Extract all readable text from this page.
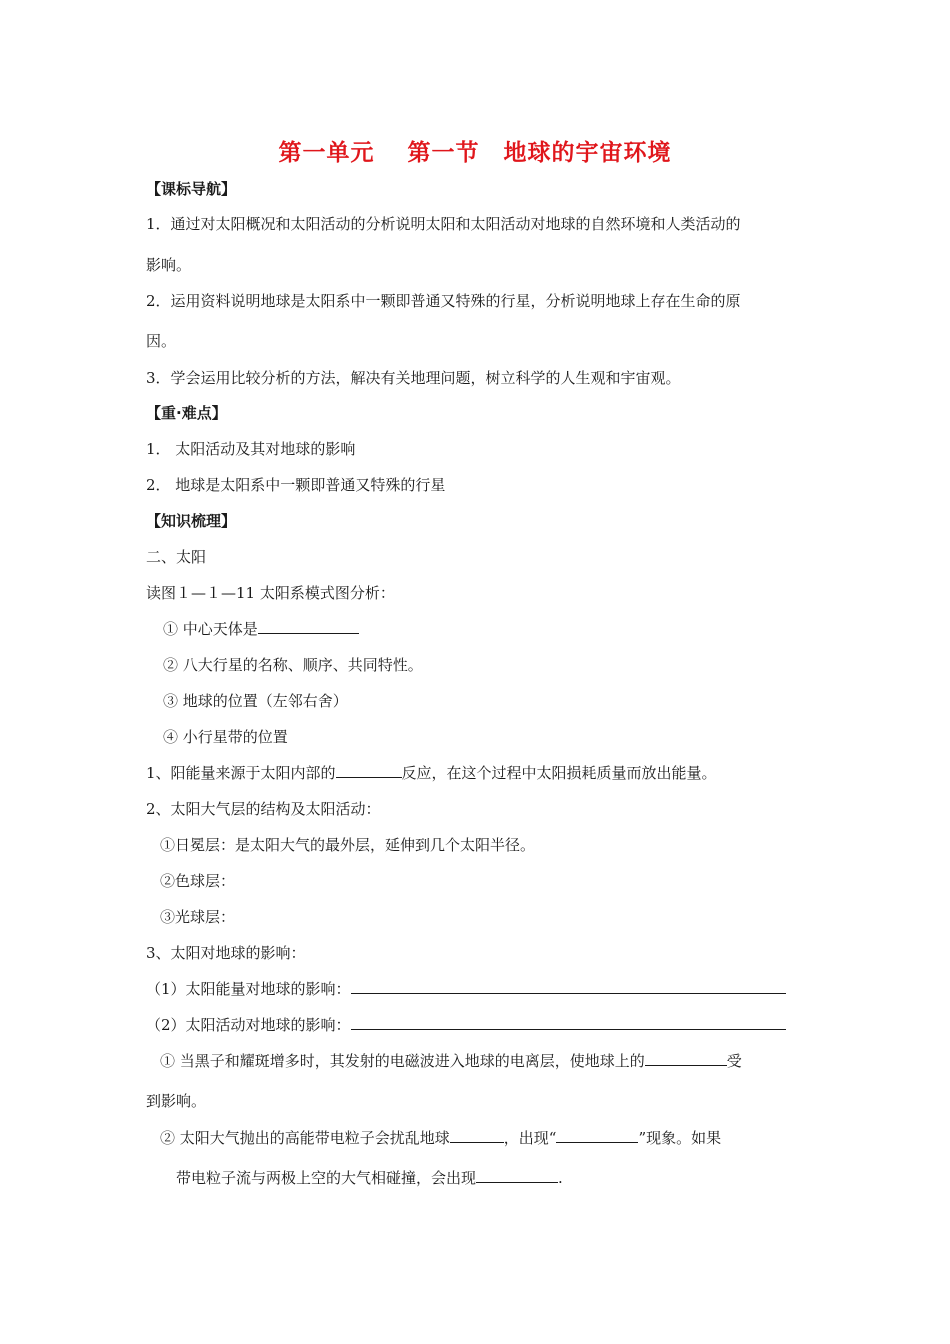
第一单元　 第一节　地球的宇宙环境
【课标导航】
1．通过对太阳概况和太阳活动的分析说明太阳和太阳活动对地球的自然环境和人类活动的
影响。
2．运用资料说明地球是太阳系中一颗即普通又特殊的行星，分析说明地球上存在生命的原
因。
3．学会运用比较分析的方法，解决有关地理问题，树立科学的人生观和宇宙观。
【重·难点】
1． 太阳活动及其对地球的影响
2． 地球是太阳系中一颗即普通又特殊的行星
【知识梳理】
二、太阳
读图１—１—11 太阳系模式图分析：
① 中心天体是
② 八大行星的名称、顺序、共同特性。
③ 地球的位置（左邻右舍）
④ 小行星带的位置
1、阳能量来源于太阳内部的	反应，在这个过程中太阳损耗质量而放出能量。
2、太阳大气层的结构及太阳活动：
①日冕层：是太阳大气的最外层，延伸到几个太阳半径。
②色球层：
③光球层：
3、太阳对地球的影响：
（1）太阳能量对地球的影响：
（2）太阳活动对地球的影响：
① 当黑子和耀斑增多时，其发射的电磁波进入地球的电离层，使地球上的	受
到影响。
② 太阳大气抛出的高能带电粒子会扰乱地球	，出现“	”现象。如果
带电粒子流与两极上空的大气相碰撞，会出现	.
